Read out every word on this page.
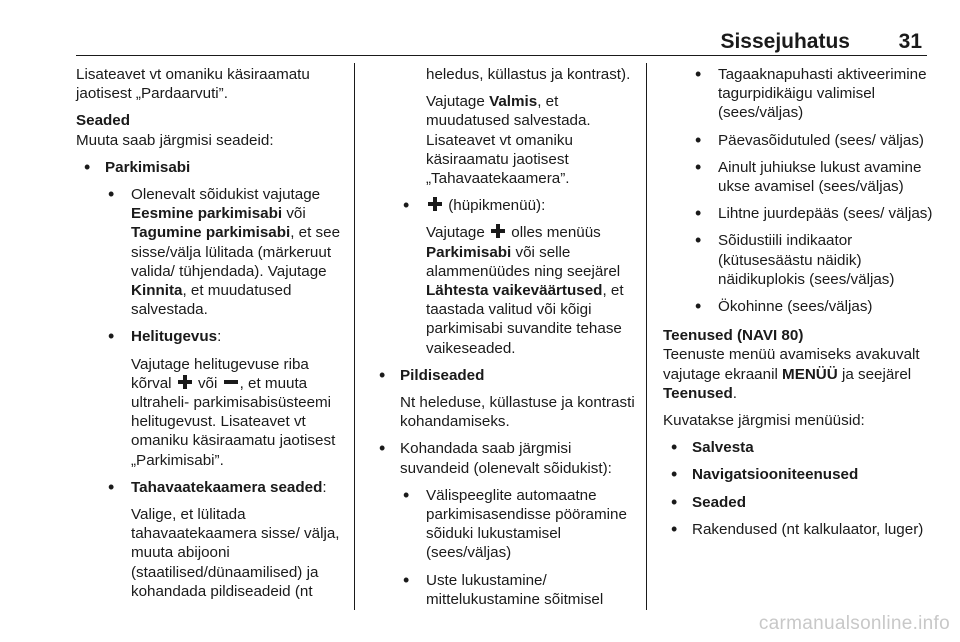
Sissejuhatus 31

Lisateavet vt omaniku käsiraamatu jaotisest „Pardaarvuti”.

Seaded

Muuta saab järgmisi seadeid:

• Parkimisabi

• Olenevalt sõidukist vajutage Eesmine parkimisabi või Tagumine parkimisabi, et see sisse/välja lülitada (märkeruut valida/ tühjendada). Vajutage Kinnita, et muudatused salvestada.

• Helitugevus:

Vajutage helitugevuse riba kõrval  või , et muuta ultraheli- parkimisabisüsteemi helitugevust. Lisateavet vt omaniku käsiraamatu jaotisest „Parkimisabi”.

• Tahavaatekaamera seaded:

Valige, et lülitada tahavaatekaamera sisse/ välja, muuta abijooni (staatilised/dünaamilised) ja kohandada pildiseadeid (nt

heledus, küllastus ja kontrast).

Vajutage Valmis, et muudatused salvestada. Lisateavet vt omaniku käsiraamatu jaotisest „Tahavaatekaamera”.

• (hüpikmenüü):

Vajutage  olles menüüs Parkimisabi või selle alammenüüdes ning seejärel Lähtesta vaikeväärtused, et taastada valitud või kõigi parkimisabi suvandite tehase vaikeseaded.

• Pildiseaded

Nt heleduse, küllastuse ja kontrasti kohandamiseks.

• Kohandada saab järgmisi suvandeid (olenevalt sõidukist):

• Välispeeglite automaatne parkimisasendisse pööramine sõiduki lukustamisel (sees/väljas)

• Uste lukustamine/ mittelukustamine sõitmisel

• Tagaaknapuhasti aktiveerimine tagurpidikäigu valimisel (sees/väljas)

• Päevasõidutuled (sees/ väljas)

• Ainult juhiukse lukust avamine ukse avamisel (sees/väljas)

• Lihtne juurdepääs (sees/ väljas)

• Sõidustiili indikaator (kütusesäästu näidik) näidikuplokis (sees/väljas)

• Ökohinne (sees/väljas)

Teenused (NAVI 80)

Teenuste menüü avamiseks avakuvalt vajutage ekraanil MENÜÜ ja seejärel Teenused.

Kuvatakse järgmisi menüüsid:

• Salvesta

• Navigatsiooniteenused

• Seaded

• Rakendused (nt kalkulaator, luger)

carmanualsonline.info
